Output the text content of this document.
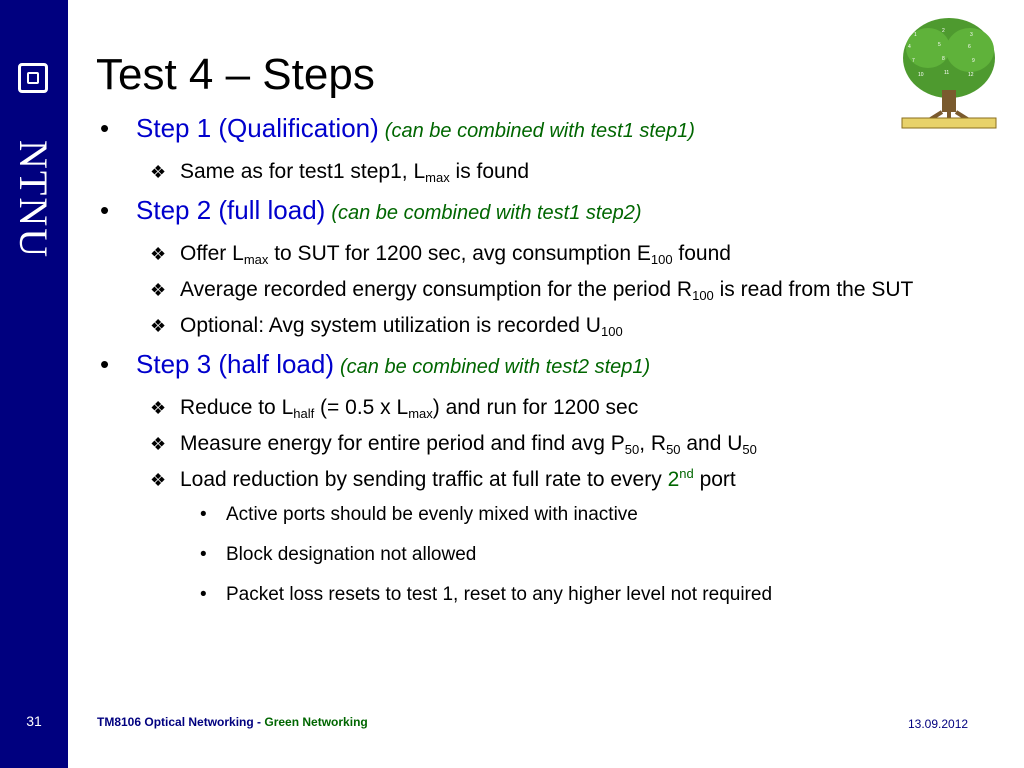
NTNU
31
1
2
3
4	5	6
7	8	9
10	11	12
Test 4 – Steps
• Step 1 (Qualification) (can be combined with test1 step1)
❖ Same as for test1 step1, $L_{max}$ is found
• Step 2 (full load) (can be combined with test1 step2)
❖ Offer $L_{max}$ to SUT for 1200 sec, avg consumption $E_{100}$ found
❖ Average recorded energy consumption for the period $R_{100}$ is read from the SUT
❖ Optional: Avg system utilization is recorded $U_{100}$
• Step 3 (half load) (can be combined with test2 step1)
❖ Reduce to $L_{half}$ (= 0.5 x $L_{max}$) and run for 1200 sec
❖ Measure energy for entire period and find avg $P_{50}$, $R_{50}$ and $U_{50}$
❖ Load reduction by sending traffic at full rate to every 2nd port
• Active ports should be evenly mixed with inactive
• Block designation not allowed
• Packet loss resets to test 1, reset to any higher level not required
TM8106 Optical Networking - Green Networking	13.09.2012
